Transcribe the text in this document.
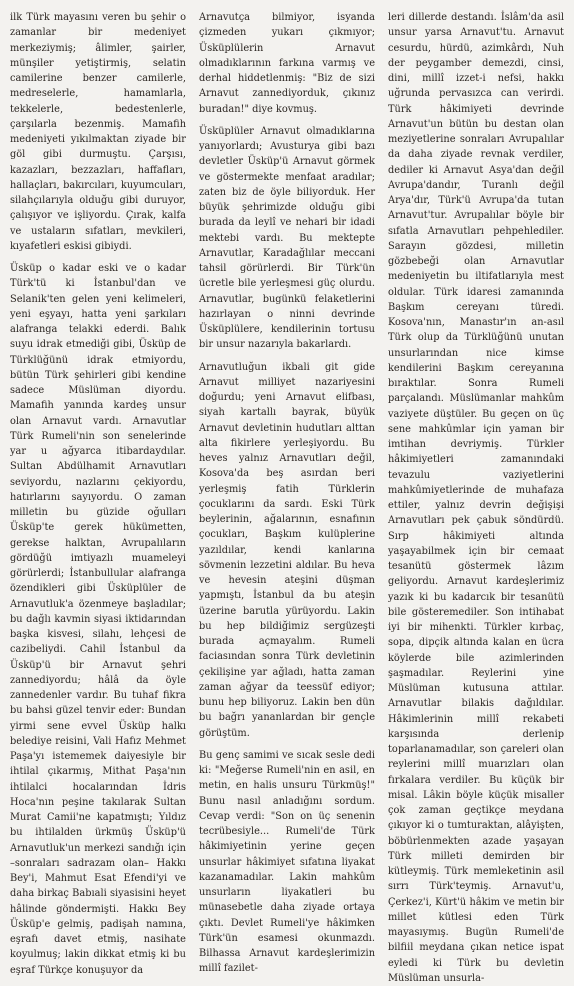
ilk Türk mayasını veren bu şehir o zamanlar bir medeniyet merkeziymiş; âlimler, şairler, münşiler yetiştirmiş, selatin camilerine benzer camilerle, medreselerle, hamamlarla, tekkelerle, bedestenlerle, çarşılarla bezenmiş. Mamafih medeniyeti yıkılmaktan ziyade bir göl gibi durmuştu. Çarşısı, kazazları, bezzazları, haffafları, hallaçları, bakırcıları, kuyumcuları, silahçılarıyla olduğu gibi duruyor, çalışıyor ve işliyordu. Çırak, kalfa ve ustaların sıfatları, mevkileri, kıyafetleri eskisi gibiydi.

Üsküp o kadar eski ve o kadar Türk'tü ki İstanbul'dan ve Selanik'ten gelen yeni kelimeleri, yeni eşyayı, hatta yeni şarkıları alafranga telakki ederdi. Balık suyu idrak etmediği gibi, Üsküp de Türklüğünü idrak etmiyordu, bütün Türk şehirleri gibi kendine sadece Müslüman diyordu. Mamafih yanında kardeş unsur olan Arnavut vardı. Arnavutlar Türk Rumeli'nin son senelerinde yar u ağyarca itibardaydılar. Sultan Abdülhamit Arnavutları seviyordu, nazlarını çekiyordu, hatırlarını sayıyordu. O zaman milletin bu güzide oğulları Üsküp'te gerek hükümetten, gerekse halktan, Avrupalıların gördüğü imtiyazlı muameleyi görürlerdi; İstanbullular alafranga özendikleri gibi Üsküplüler de Arnavutluk'a özenmeye başladılar; bu dağlı kavmin siyasi iktidarından başka kisvesi, silahı, lehçesi de cazibeliydi. Cahil İstanbul da Üsküp'ü bir Arnavut şehri zannediyordu; hâlâ da öyle zannedenler vardır. Bu tuhaf fikra bu bahsi güzel tenvir eder: Bundan yirmi sene evvel Üsküp halkı belediye reisini, Vali Hafız Mehmet Paşa'yı istememek daiyesiyle bir ihtilal çıkarmış, Mithat Paşa'nın ihtilalci hocalarından İdris Hoca'nın peşine takılarak Sultan Murat Camii'ne kapatmıştı; Yıldız bu ihtilalden ürkmüş Üsküp'ü Arnavutluk'un merkezi sandığı için –sonraları sadrazam olan– Hakkı Bey'i, Mahmut Esat Efendi'yi ve daha birkaç Babıali siyasisini heyet hâlinde göndermişti. Hakkı Bey Üsküp'e gelmiş, padişah namına, eşrafı davet etmiş, nasihate koyulmuş; lakin dikkat etmiş ki bu eşraf Türkçe konuşuyor da

Arnavutça bilmiyor, isyanda çizmeden yukarı çıkmıyor; Üsküplülerin Arnavut olmadıklarının farkına varmış ve derhal hiddetlenmiş: "Biz de sizi Arnavut zannediyorduk, çıkınız buradan!" diye kovmuş.

Üsküplüler Arnavut olmadıklarına yanıyorlardı; Avusturya gibi bazı devletler Üsküp'ü Arnavut görmek ve göstermekte menfaat aradılar; zaten biz de öyle biliyorduk. Her büyük şehrimizde olduğu gibi burada da leylî ve nehari bir idadi mektebi vardı. Bu mektepte Arnavutlar, Karadağlılar meccani tahsil görürlerdi. Bir Türk'ün ücretle bile yerleşmesi güç olurdu. Arnavutlar, bugünkü felaketlerini hazırlayan o ninni devrinde Üsküplülere, kendilerinin tortusu bir unsur nazarıyla bakarlardı.

Arnavutluğun ikbali git gide Arnavut milliyet nazariyesini doğurdu; yeni Arnavut elifbası, siyah kartallı bayrak, büyük Arnavut devletinin hudutları alttan alta fikirlere yerleşiyordu. Bu heves yalnız Arnavutları değil, Kosova'da beş asırdan beri yerleşmiş fatih Türklerin çocuklarını da sardı. Eski Türk beylerinin, ağalarının, esnafının çocukları, Başkım kulüplerine yazıldılar, kendi kanlarına sövmenin lezzetini aldılar. Bu heva ve hevesin ateşini düşman yapmıştı, İstanbul da bu ateşin üzerine barutla yürüyordu. Lakin bu hep bildiğimiz sergüzeşti burada açmayalım. Rumeli faciasından sonra Türk devletinin çekilişine yar ağladı, hatta zaman zaman ağyar da teessüf ediyor; bunu hep biliyoruz. Lakin ben dün bu bağrı yananlardan bir gençle görüştüm.

Bu genç samimi ve sıcak sesle dedi ki: "Meğerse Rumeli'nin en asil, en metin, en halis unsuru Türkmüş!" Bunu nasıl anladığını sordum. Cevap verdi: "Son on üç senenin tecrübesiyle... Rumeli'de Türk hâkimiyetinin yerine geçen unsurlar hâkimiyet sıfatına liyakat kazanamadılar. Lakin mahkûm unsurların liyakatleri bu münasebetle daha ziyade ortaya çıktı. Devlet Rumeli'ye hâkimken Türk'ün esamesi okunmazdı. Bilhassa Arnavut kardeşlerimizin millî fazilet-

leri dillerde destandı. İslâm'da asil unsur yarsa Arnavut'tu. Arnavut cesurdu, hürdü, azimkârdı, Nuh der peygamber demezdi, cinsi, dini, millî izzet-i nefsi, hakkı uğrunda pervasızca can verirdi. Türk hâkimiyeti devrinde Arnavut'un bütün bu destan olan meziyetlerine sonraları Avrupalılar da daha ziyade revnak verdiler, dediler ki Arnavut Asya'dan değil Avrupa'dandır, Turanlı değil Arya'dır, Türk'ü Avrupa'da tutan Arnavut'tur. Avrupalılar böyle bir sıfatla Arnavutları pehpehlediler. Sarayın gözdesi, milletin gözbebeği olan Arnavutlar medeniyetin bu iltifatlarıyla mest oldular. Türk idaresi zamanında Başkım cereyanı türedi. Kosova'nın, Manastır'ın an-asıl Türk olup da Türklüğünü unutan unsurlarından nice kimse kendilerini Başkım cereyanına bıraktılar. Sonra Rumeli parçalandı. Müslümanlar mahkûm vaziyete düştüler. Bu geçen on üç sene mahkûmlar için yaman bir imtihan devriymiş. Türkler hâkimiyetleri zamanındaki tevazulu vaziyetlerini mahkûmiyetlerinde de muhafaza ettiler, yalnız devrin değişişi Arnavutları pek çabuk söndürdü. Sırp hâkimiyeti altında yaşayabilmek için bir cemaat tesanütü göstermek lâzım geliyordu. Arnavut kardeşlerimiz yazık ki bu kadarcık bir tesanütü bile gösteremediler. Son intihabat iyi bir mihenkti. Türkler kırbaç, sopa, dipçik altında kalan en ücra köylerde bile azimlerinden şaşmadılar. Reylerini yine Müslüman kutusuna attılar. Arnavutlar bilakis dağıldılar. Hâkimlerinin millî rekabeti karşısında derlenip toparlanamadılar, son çareleri olan reylerini millî muarızları olan fırkalara verdiler. Bu küçük bir misal. Lâkin böyle küçük misaller çok zaman geçtikçe meydana çıkıyor ki o tumturaktan, alâyişten, böbürlenmekten azade yaşayan Türk milleti demirden bir kütleymiş. Türk memleketinin asil sırrı Türk'teymiş. Arnavut'u, Çerkez'i, Kürt'ü hâkim ve metin bir millet kütlesi eden Türk mayasıymış. Bugün Rumeli'de bilfiil meydana çıkan netice ispat eyledi ki Türk bu devletin Müslüman unsurla-
